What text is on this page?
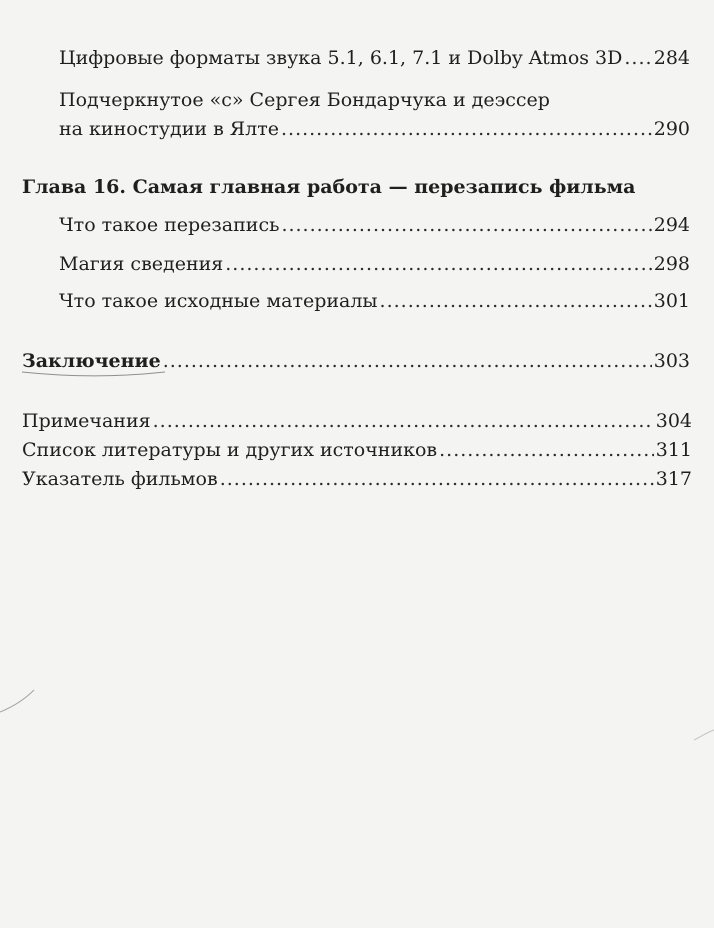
Цифровые форматы звука 5.1, 6.1, 7.1 и Dolby Atmos 3D ..... 284
Подчеркнутое «с» Сергея Бондарчука и деэссер
на киностудии в Ялте .....	290
Глава 16. Самая главная работа — перезапись фильма
Что такое перезапись .....	294
Магия сведения .....	298
Что такое исходные материалы .....	301
Заключение .....	303
Примечания .....	304
Список литературы и других источников .....	311
Указатель фильмов .....	317
